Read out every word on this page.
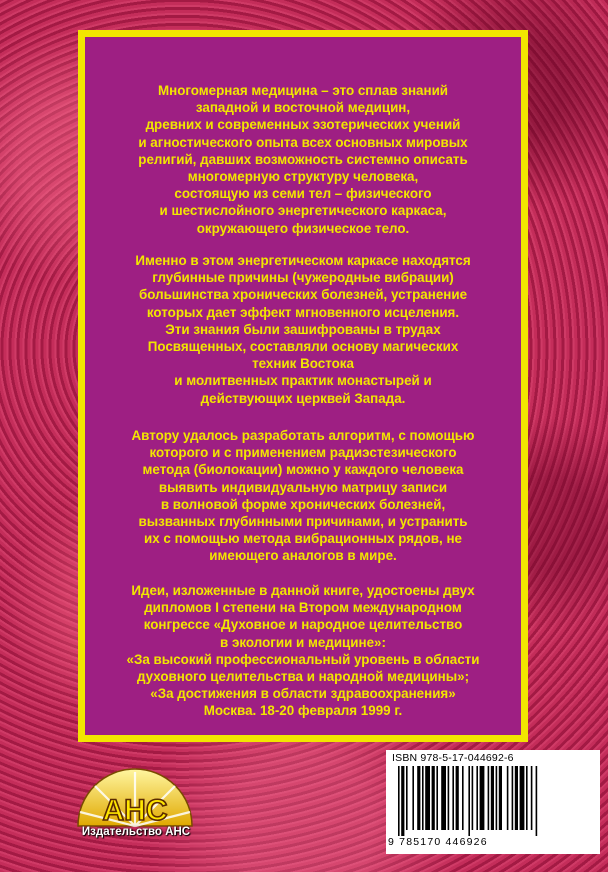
Многомерная медицина – это сплав знаний
западной и восточной медицин,
древних и современных эзотерических учений
и агностического опыта всех основных мировых
религий, давших возможность системно описать
многомерную структуру человека,
состоящую из семи тел – физического
и шестислойного энергетического каркаса,
окружающего физическое тело.
Именно в этом энергетическом каркасе находятся
глубинные причины (чужеродные вибрации)
большинства хронических болезней, устранение
которых дает эффект мгновенного исцеления.
Эти знания были зашифрованы в трудах
Посвященных, составляли основу магических
техник Востока
и молитвенных практик монастырей и
действующих церквей Запада.
Автору удалось разработать алгоритм, с помощью
которого и с применением радиэстезического
метода (биолокации) можно у каждого человека
выявить индивидуальную матрицу записи
в волновой форме хронических болезней,
вызванных глубинными причинами, и устранить
их с помощью метода вибрационных рядов, не
имеющего аналогов в мире.
Идеи, изложенные в данной книге, удостоены двух
дипломов I степени на Втором международном
конгрессе «Духовное и народное целительство
в экологии и медицине»:
«За высокий профессиональный уровень в области
духовного целительства и народной медицины»;
«За достижения в области здравоохранения»
Москва. 18-20 февраля 1999 г.
ISBN 978-5-17-044692-6
9 785170 446926
АНС
Издательство АНС
